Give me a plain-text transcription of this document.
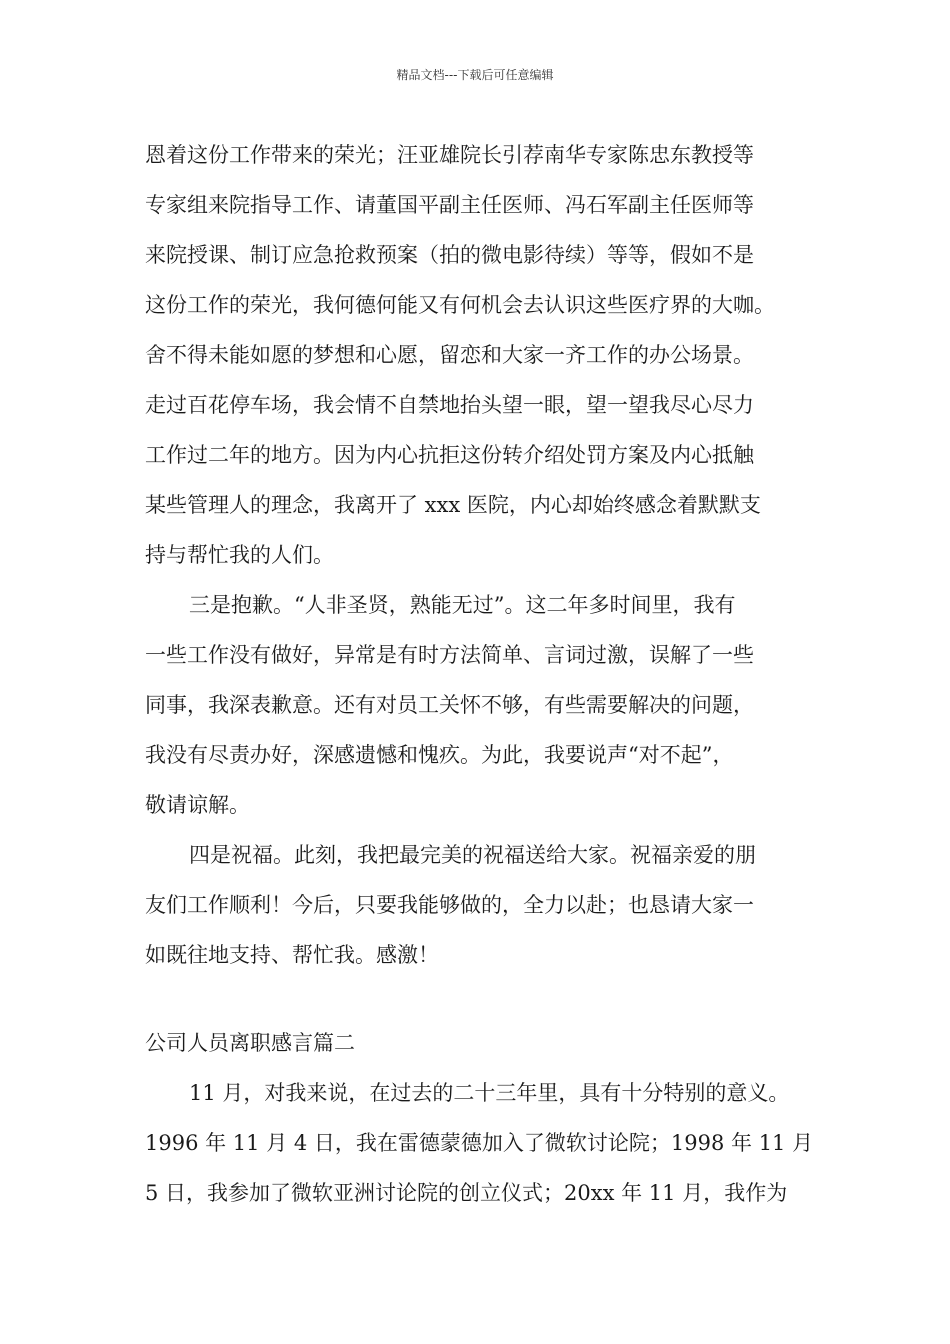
精品文档---下载后可任意编辑
恩着这份工作带来的荣光；汪亚雄院长引荐南华专家陈忠东教授等
专家组来院指导工作、请董国平副主任医师、冯石军副主任医师等
来院授课、制订应急抢救预案（拍的微电影待续）等等，假如不是
这份工作的荣光，我何德何能又有何机会去认识这些医疗界的大咖。
舍不得未能如愿的梦想和心愿，留恋和大家一齐工作的办公场景。
走过百花停车场，我会情不自禁地抬头望一眼，望一望我尽心尽力
工作过二年的地方。因为内心抗拒这份转介绍处罚方案及内心抵触
某些管理人的理念，我离开了 xxx 医院，内心却始终感念着默默支
持与帮忙我的人们。
三是抱歉。“人非圣贤，熟能无过”。这二年多时间里，我有
一些工作没有做好，异常是有时方法简单、言词过激，误解了一些
同事，我深表歉意。还有对员工关怀不够，有些需要解决的问题，
我没有尽责办好，深感遗憾和愧疚。为此，我要说声“对不起”，
敬请谅解。
四是祝福。此刻，我把最完美的祝福送给大家。祝福亲爱的朋
友们工作顺利！今后，只要我能够做的，全力以赴；也恳请大家一
如既往地支持、帮忙我。感激！
公司人员离职感言篇二
11 月，对我来说，在过去的二十三年里，具有十分特别的意义。
1996 年 11 月 4 日，我在雷德蒙德加入了微软讨论院；1998 年 11 月
5 日，我参加了微软亚洲讨论院的创立仪式；20xx 年 11 月，我作为
